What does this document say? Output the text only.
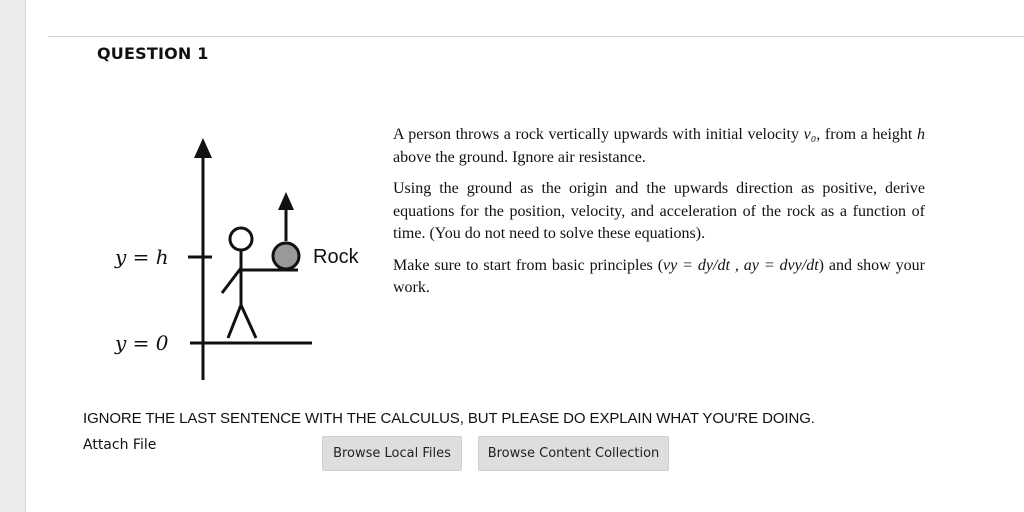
QUESTION 1
y = h
y = 0
Rock

A person throws a rock vertically upwards with initial velocity v₀, from a height h above the ground. Ignore air resistance.

Using the ground as the origin and the upwards direction as positive, derive equations for the position, velocity, and acceleration of the rock as a function of time. (You do not need to solve these equations).

Make sure to start from basic principles (vy = dy/dt , ay = dvy/dt) and show your work.

IGNORE THE LAST SENTENCE WITH THE CALCULUS, BUT PLEASE DO EXPLAIN WHAT YOU'RE DOING.
Attach File
Browse Local Files	Browse Content Collection
